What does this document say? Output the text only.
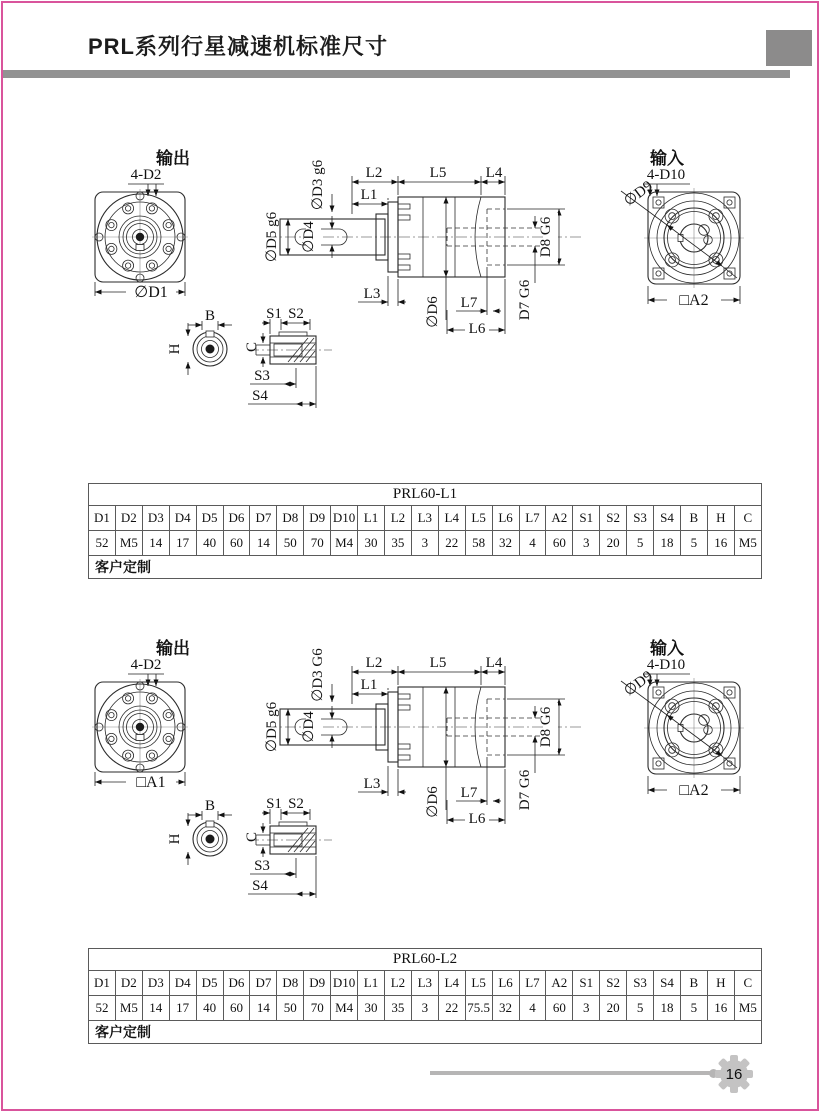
PRL系列行星减速机标准尺寸
输出
4-D2
∅D1
L2	L5	L4
L1
∅D3 g6
∅D5 g6 ∅D4
L3
∅D6 L7
L6
D8 G6
D7 G6
输入
4-D10
∅D9
□A2
B
H
S1 S2
C
S3
S4
PRL60-L1																								
D1	D2	D3	D4	D5	D6	D7	D8	D9	D10	L1	L2	L3	L4	L5	L6	L7	A2	S1	S2	S3	S4	B	H	C
52	M5	14	17	40	60	14	50	70	M4	30	35	3	22	58	32	4	60	3	20	5	18	5	16	M5
客户定制																								
输出
4-D2
□A1
L2	L5	L4
L1
∅D3 G6
∅D5 g6 ∅D4
L3
∅D6 L7
L6
D8 G6
D7 G6
输入
4-D10
∅D9
□A2
B
H
S1 S2
C
S3
S4
PRL60-L2																								
D1	D2	D3	D4	D5	D6	D7	D8	D9	D10	L1	L2	L3	L4	L5	L6	L7	A2	S1	S2	S3	S4	B	H	C
52	M5	14	17	40	60	14	50	70	M4	30	35	3	22	75.5	32	4	60	3	20	5	18	5	16	M5
客户定制																								
16
